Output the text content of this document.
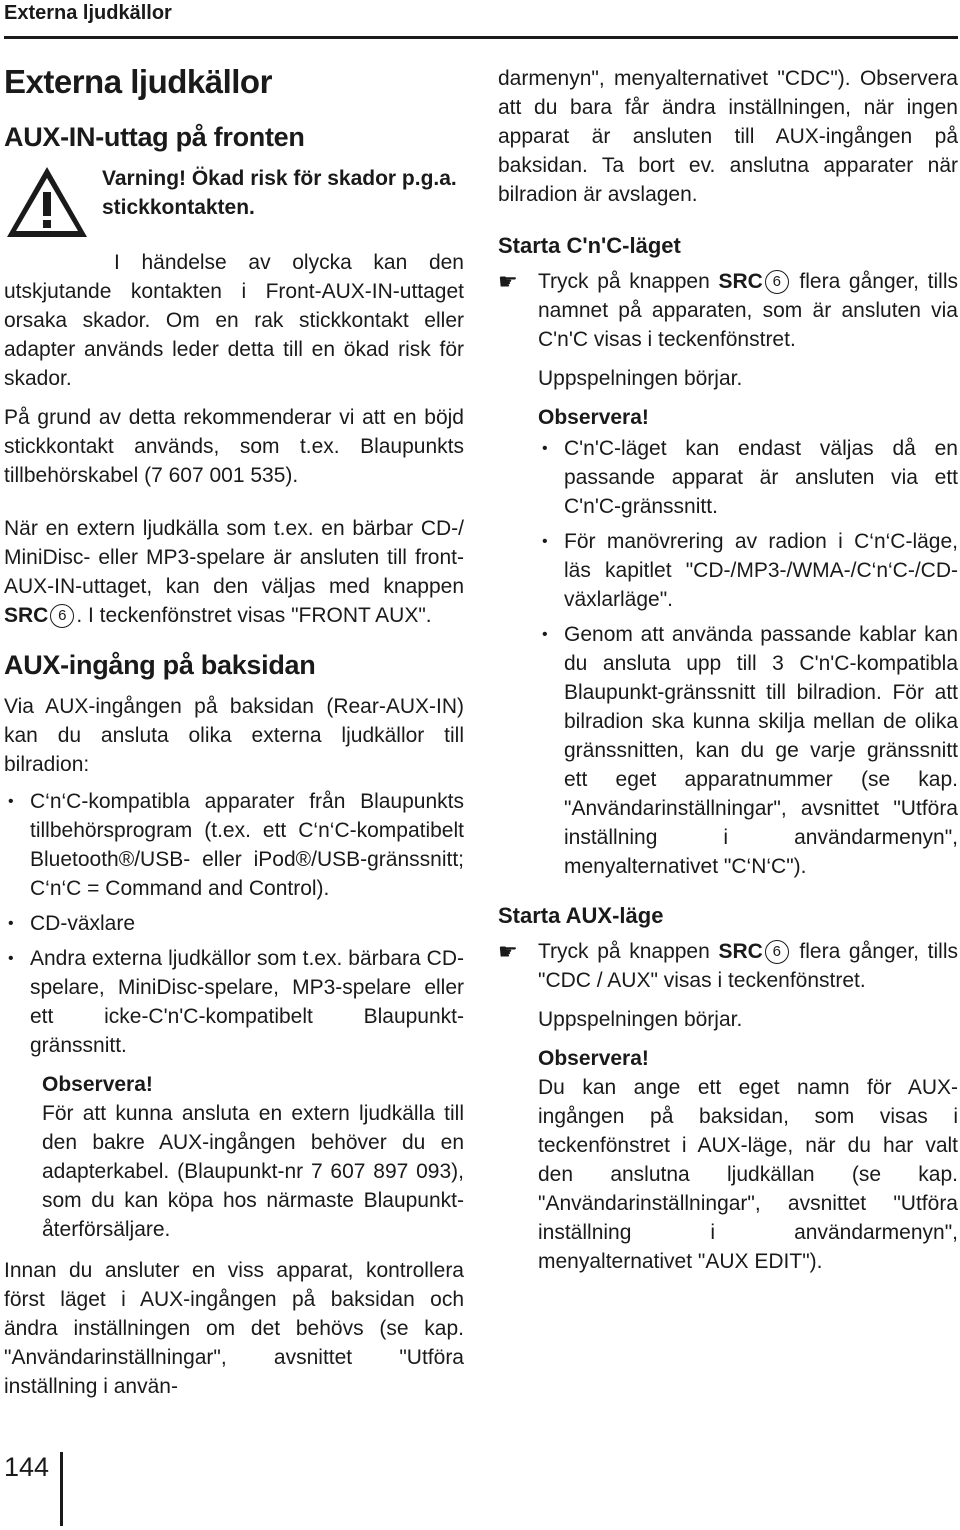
Externa ljudkällor
Externa ljudkällor
AUX-IN-uttag på fronten
Varning! Ökad risk för skador p.g.a. stickkontakten.

I händelse av olycka kan den utskjutande kontakten i Front-AUX-IN-uttaget orsaka skador. Om en rak stickkontakt eller adapter används leder detta till en ökad risk för skador.

På grund av detta rekommenderar vi att en böjd stickkontakt används, som t.ex. Blaupunkts tillbehörskabel (7 607 001 535).

När en extern ljudkälla som t.ex. en bärbar CD-/ MiniDisc- eller MP3-spelare är ansluten till front-AUX-IN-uttaget, kan den väljas med knappen SRC 6 . I teckenfönstret visas "FRONT AUX".

AUX-ingång på baksidan

Via AUX-ingången på baksidan (Rear-AUX-IN) kan du ansluta olika externa ljudkällor till bilradion:

• C‘n‘C-kompatibla apparater från Blaupunkts tillbehörsprogram (t.ex. ett C‘n‘C-kompatibelt Bluetooth®/USB- eller iPod®/USB-gränssnitt; C‘n‘C = Command and Control).
• CD-växlare
• Andra externa ljudkällor som t.ex. bärbara CD-spelare, MiniDisc-spelare, MP3-spelare eller ett icke-C'n'C-kompatibelt Blaupunkt-gränssnitt.
Observera!

För att kunna ansluta en extern ljudkälla till den bakre AUX-ingången behöver du en adapterkabel. (Blaupunkt-nr 7 607 897 093), som du kan köpa hos närmaste Blaupunkt-återförsäljare.

Innan du ansluter en viss apparat, kontrollera först läget i AUX-ingången på baksidan och ändra inställningen om det behövs (se kap. "Användarinställningar", avsnittet "Utföra inställning i använ-

darmenyn", menyalternativet "CDC"). Observera att du bara får ändra inställningen, när ingen apparat är ansluten till AUX-ingången på baksidan. Ta bort ev. anslutna apparater när bilradion är avslagen.

Starta C'n'C-läget
☛ Tryck på knappen SRC 6 flera gånger, tills namnet på apparaten, som är ansluten via C'n'C visas i teckenfönstret.

Uppspelningen börjar.

Observera!
• C'n'C-läget kan endast väljas då en passande apparat är ansluten via ett C'n'C-gränssnitt.
• För manövrering av radion i C‘n‘C-läge, läs kapitlet "CD-/MP3-/WMA-/C‘n‘C-/CD-växlarläge".
• Genom att använda passande kablar kan du ansluta upp till 3 C'n'C-kompatibla Blaupunkt-gränssnitt till bilradion. För att bilradion ska kunna skilja mellan de olika gränssnitten, kan du ge varje gränssnitt ett eget apparatnummer (se kap. "Användarinställningar", avsnittet "Utföra inställning i användarmenyn", menyalternativet "C‘N‘C").
Starta AUX-läge
☛ Tryck på knappen SRC 6 flera gånger, tills "CDC / AUX" visas i teckenfönstret.

Uppspelningen börjar.

Observera!

Du kan ange ett eget namn för AUX-ingången på baksidan, som visas i teckenfönstret i AUX-läge, när du har valt den anslutna ljudkällan (se kap. "Användarinställningar", avsnittet "Utföra inställning i användarmenyn", menyalternativet "AUX EDIT").

144
